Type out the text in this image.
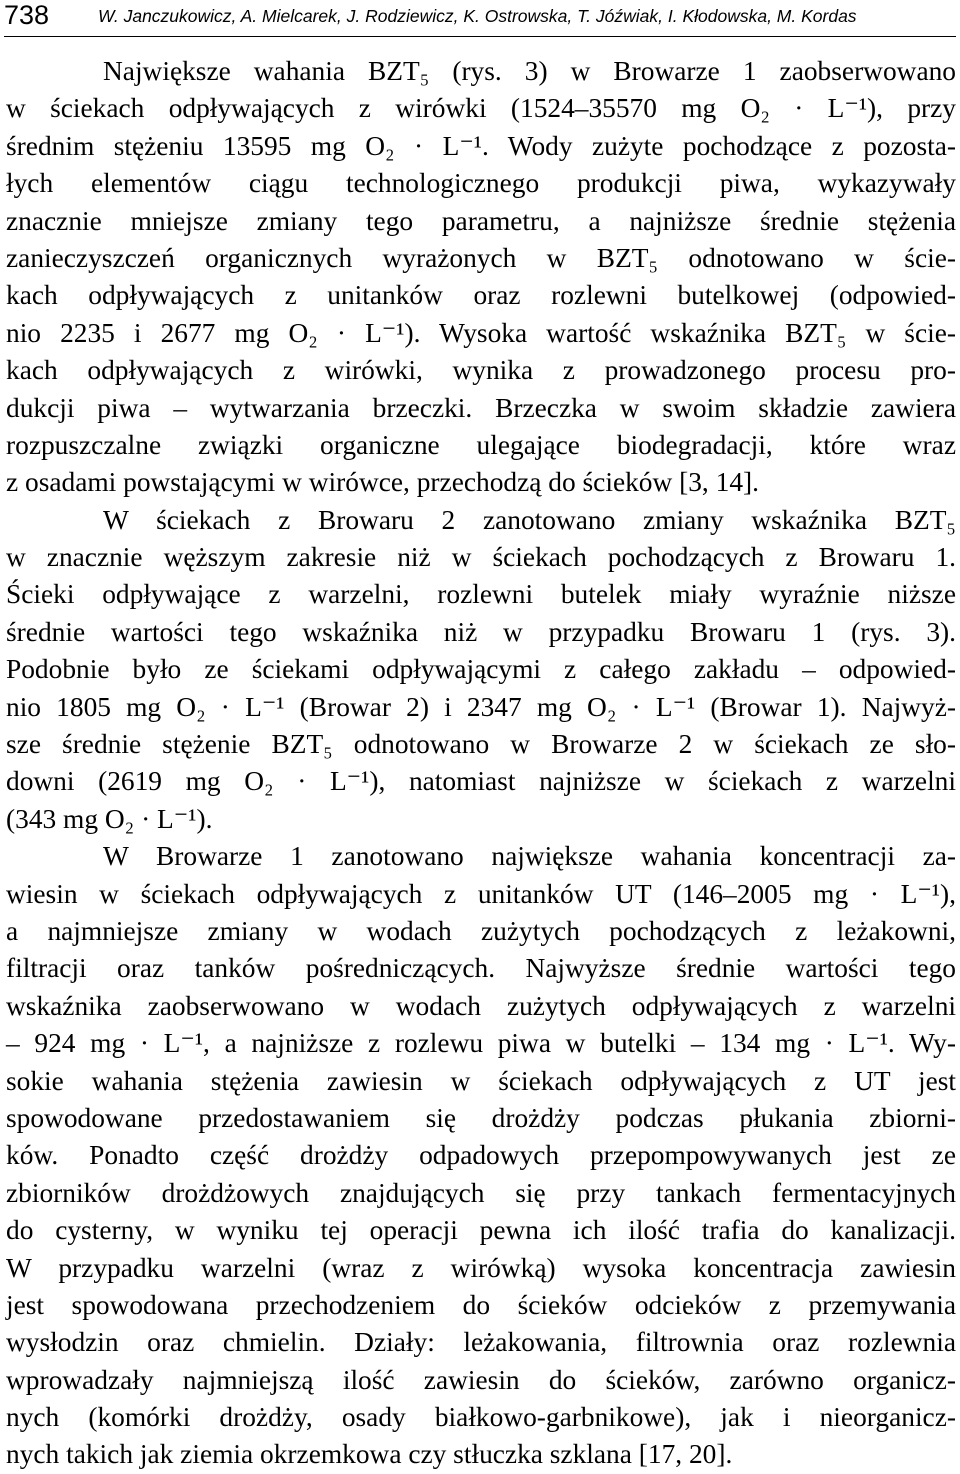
738	W. Janczukowicz, A. Mielcarek, J. Rodziewicz, K. Ostrowska, T. Jóźwiak, I. Kłodowska, M. Kordas
Największe wahania BZT₅ (rys. 3) w Browarze 1 zaobserwowano
w ściekach odpływających z wirówki (1524–35570 mg O₂ · L⁻¹), przy
średnim stężeniu 13595 mg O₂ · L⁻¹. Wody zużyte pochodzące z pozosta-
łych elementów ciągu technologicznego produkcji piwa, wykazywały
znacznie mniejsze zmiany tego parametru, a najniższe średnie stężenia
zanieczyszczeń organicznych wyrażonych w BZT₅ odnotowano w ście-
kach odpływających z unitanków oraz rozlewni butelkowej (odpowied-
nio 2235 i 2677 mg O₂ · L⁻¹). Wysoka wartość wskaźnika BZT₅ w ście-
kach odpływających z wirówki, wynika z prowadzonego procesu pro-
dukcji piwa – wytwarzania brzeczki. Brzeczka w swoim składzie zawiera
rozpuszczalne związki organiczne ulegające biodegradacji, które wraz
z osadami powstającymi w wirówce, przechodzą do ścieków [3, 14].
W ściekach z Browaru 2 zanotowano zmiany wskaźnika BZT₅
w znacznie węższym zakresie niż w ściekach pochodzących z Browaru 1.
Ścieki odpływające z warzelni, rozlewni butelek miały wyraźnie niższe
średnie wartości tego wskaźnika niż w przypadku Browaru 1 (rys. 3).
Podobnie było ze ściekami odpływającymi z całego zakładu – odpowied-
nio 1805 mg O₂ · L⁻¹ (Browar 2) i 2347 mg O₂ · L⁻¹ (Browar 1). Najwyż-
sze średnie stężenie BZT₅ odnotowano w Browarze 2 w ściekach ze sło-
downi (2619 mg O₂ · L⁻¹), natomiast najniższe w ściekach z warzelni
(343 mg O₂ · L⁻¹).
W Browarze 1 zanotowano największe wahania koncentracji za-
wiesin w ściekach odpływających z unitanków UT (146–2005 mg · L⁻¹),
a najmniejsze zmiany w wodach zużytych pochodzących z leżakowni,
filtracji oraz tanków pośredniczących. Najwyższe średnie wartości tego
wskaźnika zaobserwowano w wodach zużytych odpływających z warzelni
– 924 mg · L⁻¹, a najniższe z rozlewu piwa w butelki – 134 mg · L⁻¹. Wy-
sokie wahania stężenia zawiesin w ściekach odpływających z UT jest
spowodowane przedostawaniem się drożdży podczas płukania zbiorni-
ków. Ponadto część drożdży odpadowych przepompowywanych jest ze
zbiorników drożdżowych znajdujących się przy tankach fermentacyjnych
do cysterny, w wyniku tej operacji pewna ich ilość trafia do kanalizacji.
W przypadku warzelni (wraz z wirówką) wysoka koncentracja zawiesin
jest spowodowana przechodzeniem do ścieków odcieków z przemywania
wysłodzin oraz chmielin. Działy: leżakowania, filtrownia oraz rozlewnia
wprowadzały najmniejszą ilość zawiesin do ścieków, zarówno organicz-
nych (komórki drożdży, osady białkowo-garbnikowe), jak i nieorganicz-
nych takich jak ziemia okrzemkowa czy stłuczka szklana [17, 20].
